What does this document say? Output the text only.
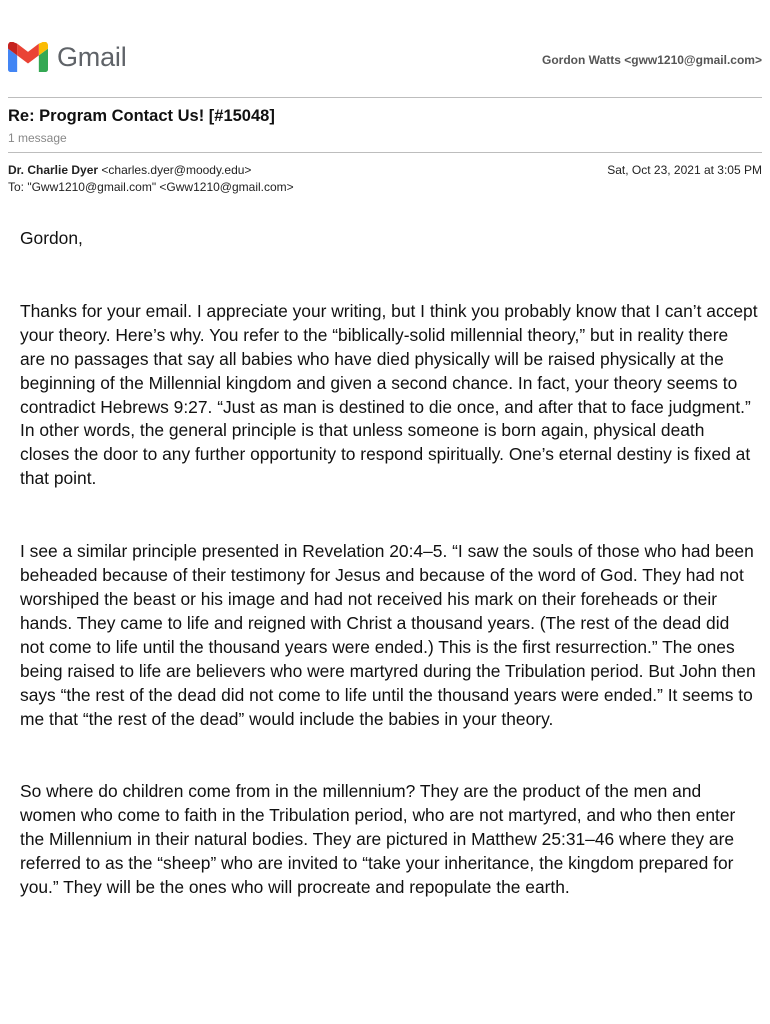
Gmail	Gordon Watts <gww1210@gmail.com>
Re: Program Contact Us! [#15048]
1 message
Dr. Charlie Dyer <charles.dyer@moody.edu>
To: "Gww1210@gmail.com" <Gww1210@gmail.com>
Sat, Oct 23, 2021 at 3:05 PM

Gordon,

Thanks for your email. I appreciate your writing, but I think you probably know that I can’t accept your theory. Here’s why. You refer to the “biblically-solid millennial theory,” but in reality there are no passages that say all babies who have died physically will be raised physically at the beginning of the Millennial kingdom and given a second chance. In fact, your theory seems to contradict Hebrews 9:27. “Just as man is destined to die once, and after that to face judgment.” In other words, the general principle is that unless someone is born again, physical death closes the door to any further opportunity to respond spiritually. One’s eternal destiny is fixed at that point.

I see a similar principle presented in Revelation 20:4–5. “I saw the souls of those who had been beheaded because of their testimony for Jesus and because of the word of God. They had not worshiped the beast or his image and had not received his mark on their foreheads or their hands. They came to life and reigned with Christ a thousand years. (The rest of the dead did not come to life until the thousand years were ended.) This is the first resurrection.” The ones being raised to life are believers who were martyred during the Tribulation period. But John then says “the rest of the dead did not come to life until the thousand years were ended.” It seems to me that “the rest of the dead” would include the babies in your theory.

So where do children come from in the millennium? They are the product of the men and women who come to faith in the Tribulation period, who are not martyred, and who then enter the Millennium in their natural bodies. They are pictured in Matthew 25:31–46 where they are referred to as the “sheep” who are invited to “take your inheritance, the kingdom prepared for you.” They will be the ones who will procreate and repopulate the earth.
